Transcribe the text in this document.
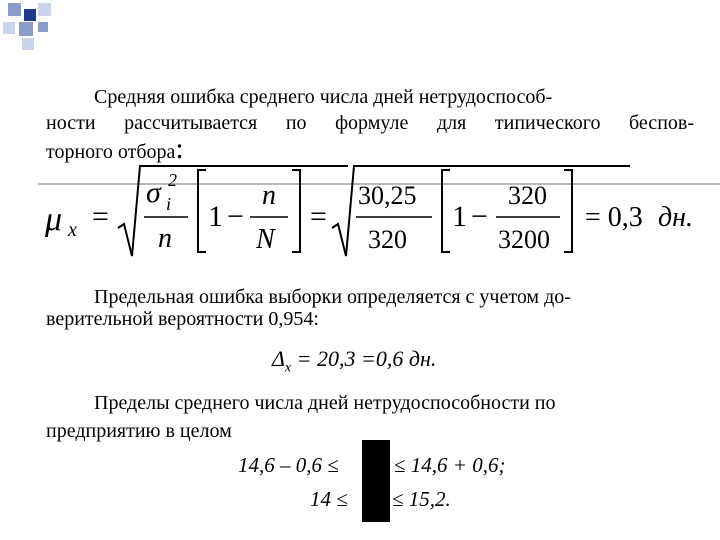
Средняя ошибка среднего числа дней нетрудоспособ-
ности рассчитывается по формуле для типического беспов-
торного отбора:
μ x =
σ 2
i
n
1 −
n
N
=
30,25
320
1 −
320
3200
= 0,3 дн.
Предельная ошибка выборки определяется с учетом до-
верительной вероятности 0,954:
$\Delta_x = 20,3 =0,6$ дн.
Пределы среднего числа дней нетрудоспособности по
предприятию в целом
14,6 – 0,6 ≤	≤ 14,6 + 0,6;
14 ≤ ≤ 15,2.
